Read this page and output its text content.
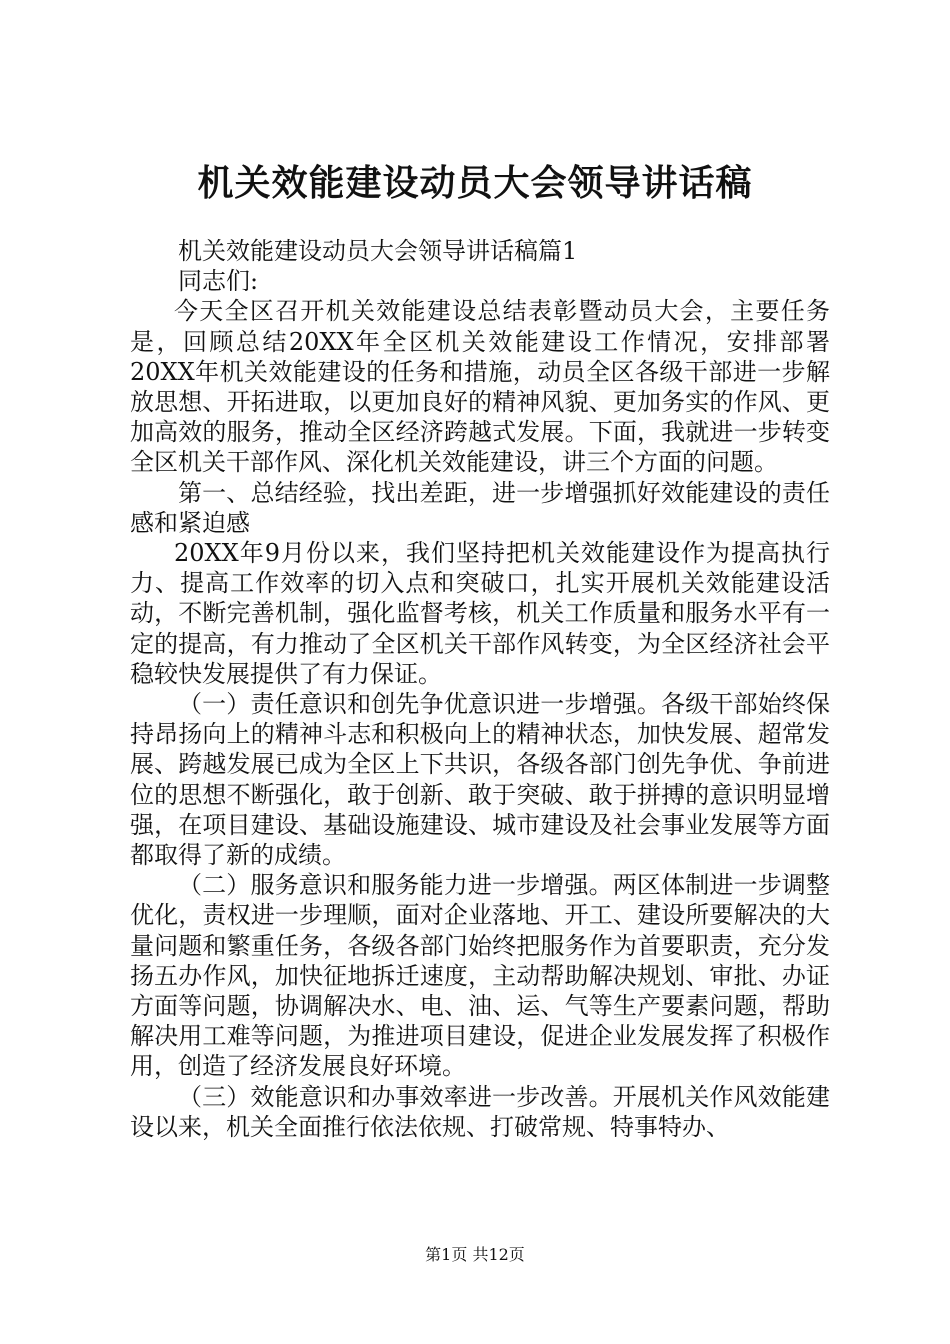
机关效能建设动员大会领导讲话稿

机关效能建设动员大会领导讲话稿篇1

同志们:

今天全区召开机关效能建设总结表彰暨动员大会，主要任务是，回顾总结20XX年全区机关效能建设工作情况，安排部署20XX年机关效能建设的任务和措施，动员全区各级干部进一步解放思想、开拓进取，以更加良好的精神风貌、更加务实的作风、更加高效的服务，推动全区经济跨越式发展。下面，我就进一步转变全区机关干部作风、深化机关效能建设，讲三个方面的问题。

第一、总结经验，找出差距，进一步增强抓好效能建设的责任感和紧迫感

20XX年9月份以来，我们坚持把机关效能建设作为提高执行力、提高工作效率的切入点和突破口，扎实开展机关效能建设活动，不断完善机制，强化监督考核，机关工作质量和服务水平有一定的提高，有力推动了全区机关干部作风转变，为全区经济社会平稳较快发展提供了有力保证。

（一）责任意识和创先争优意识进一步增强。各级干部始终保持昂扬向上的精神斗志和积极向上的精神状态，加快发展、超常发展、跨越发展已成为全区上下共识，各级各部门创先争优、争前进位的思想不断强化，敢于创新、敢于突破、敢于拼搏的意识明显增强，在项目建设、基础设施建设、城市建设及社会事业发展等方面都取得了新的成绩。

（二）服务意识和服务能力进一步增强。两区体制进一步调整优化，责权进一步理顺，面对企业落地、开工、建设所要解决的大量问题和繁重任务，各级各部门始终把服务作为首要职责，充分发扬五办作风，加快征地拆迁速度，主动帮助解决规划、审批、办证方面等问题，协调解决水、电、油、运、气等生产要素问题，帮助解决用工难等问题，为推进项目建设，促进企业发展发挥了积极作用，创造了经济发展良好环境。

（三）效能意识和办事效率进一步改善。开展机关作风效能建设以来，机关全面推行依法依规、打破常规、特事特办、

第1页 共12页
